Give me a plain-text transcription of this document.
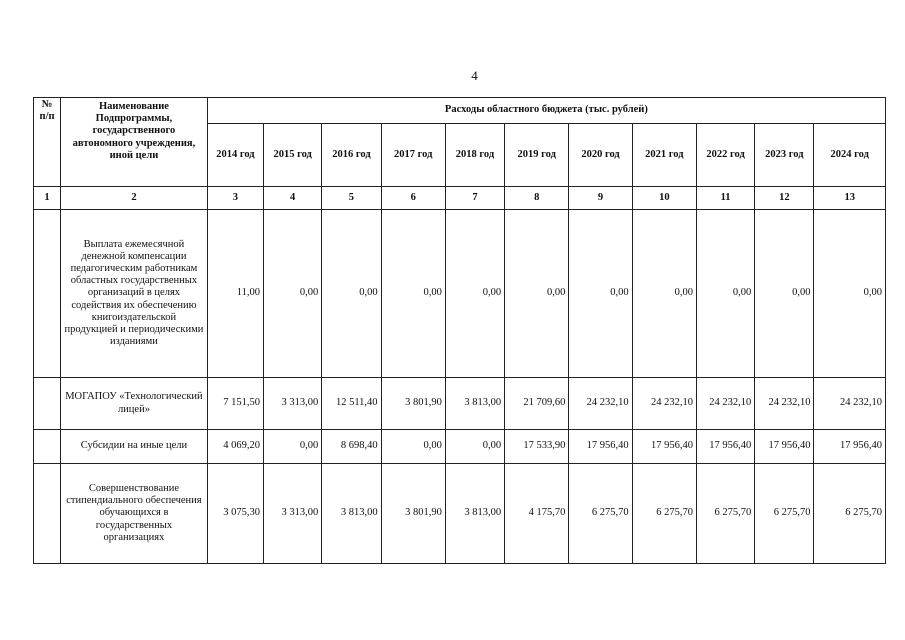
4
№ п/п	Наименование Подпрограммы, государственного автономного учреждения, иной цели	Расходы областного бюджета (тыс. рублей)										
		2014 год	2015 год	2016 год	2017 год	2018 год	2019 год	2020 год	2021 год	2022 год	2023 год	2024 год
1	2	3	4	5	6	7	8	9	10	11	12	13
	Выплата ежемесячной денежной компенсации педагогическим работникам областных государственных организаций в целях содействия их обеспечению книгоиздательской продукцией и периодическими изданиями	11,00	0,00	0,00	0,00	0,00	0,00	0,00	0,00	0,00	0,00	0,00
	МОГАПОУ «Технологический лицей»	7 151,50	3 313,00	12 511,40	3 801,90	3 813,00	21 709,60	24 232,10	24 232,10	24 232,10	24 232,10	24 232,10
	Субсидии на иные цели	4 069,20	0,00	8 698,40	0,00	0,00	17 533,90	17 956,40	17 956,40	17 956,40	17 956,40	17 956,40
	Совершенствование стипендиального обеспечения обучающихся в государственных организациях	3 075,30	3 313,00	3 813,00	3 801,90	3 813,00	4 175,70	6 275,70	6 275,70	6 275,70	6 275,70	6 275,70
